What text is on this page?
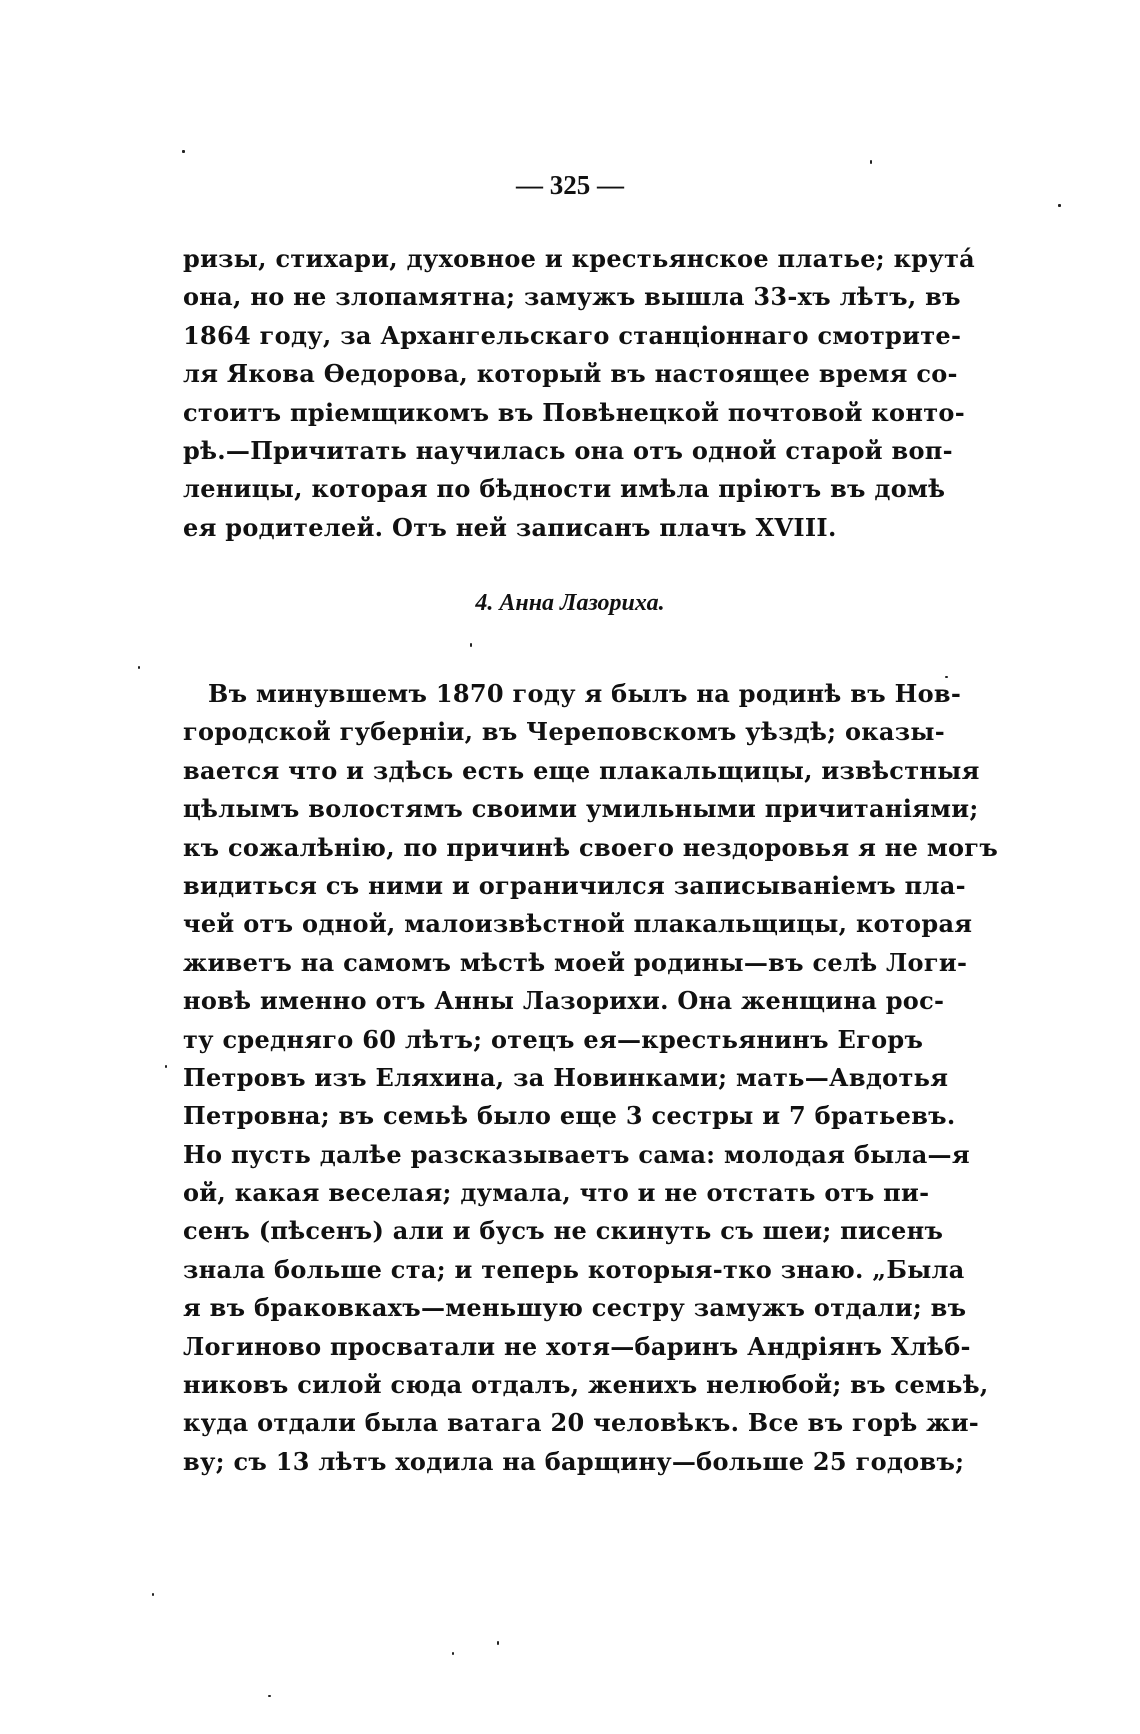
— 325 —
ризы, стихари, духовное и крестьянское платье; крута́
она, но не злопамятна; замужъ вышла 33-хъ лѣтъ, въ
1864 году, за Архангельскаго станціоннаго смотрите-
ля Якова Өедорова, который въ настоящее время со-
стоитъ пріемщикомъ въ Повѣнецкой почтовой конто-
рѣ.—Причитать научилась она отъ одной старой воп-
леницы, которая по бѣдности имѣла пріютъ въ домѣ
ея родителей. Отъ ней записанъ плачъ XVIII.
4. Анна Лазориха.
Въ минувшемъ 1870 году я былъ на родинѣ въ Нов-
городской губерніи, въ Череповскомъ уѣздѣ; оказы-
вается что и здѣсь есть еще плакальщицы, извѣстныя
цѣлымъ волостямъ своими умильными причитаніями;
къ сожалѣнію, по причинѣ своего нездоровья я не могъ
видиться съ ними и ограничился записываніемъ пла-
чей отъ одной, малоизвѣстной плакальщицы, которая
живетъ на самомъ мѣстѣ моей родины—въ селѣ Логи-
новѣ именно отъ Анны Лазорихи. Она женщина рос-
ту средняго 60 лѣтъ; отецъ ея—крестьянинъ Егоръ
Петровъ изъ Еляхина, за Новинками; мать—Авдотья
Петровна; въ семьѣ было еще 3 сестры и 7 братьевъ.
Но пусть далѣе разсказываетъ сама: молодая была—я
ой, какая веселая; думала, что и не отстать отъ пи-
сенъ (пѣсенъ) али и бусъ не скинуть съ шеи; писенъ
знала больше ста; и теперь которыя-тко знаю. „Была
я въ браковкахъ—меньшую сестру замужъ отдали; въ
Логиново просватали не хотя—баринъ Андріянъ Хлѣб-
никовъ силой сюда отдалъ, женихъ нелюбой; въ семьѣ,
куда отдали была ватага 20 человѣкъ. Все въ горѣ жи-
ву; съ 13 лѣтъ ходила на барщину—больше 25 годовъ;
